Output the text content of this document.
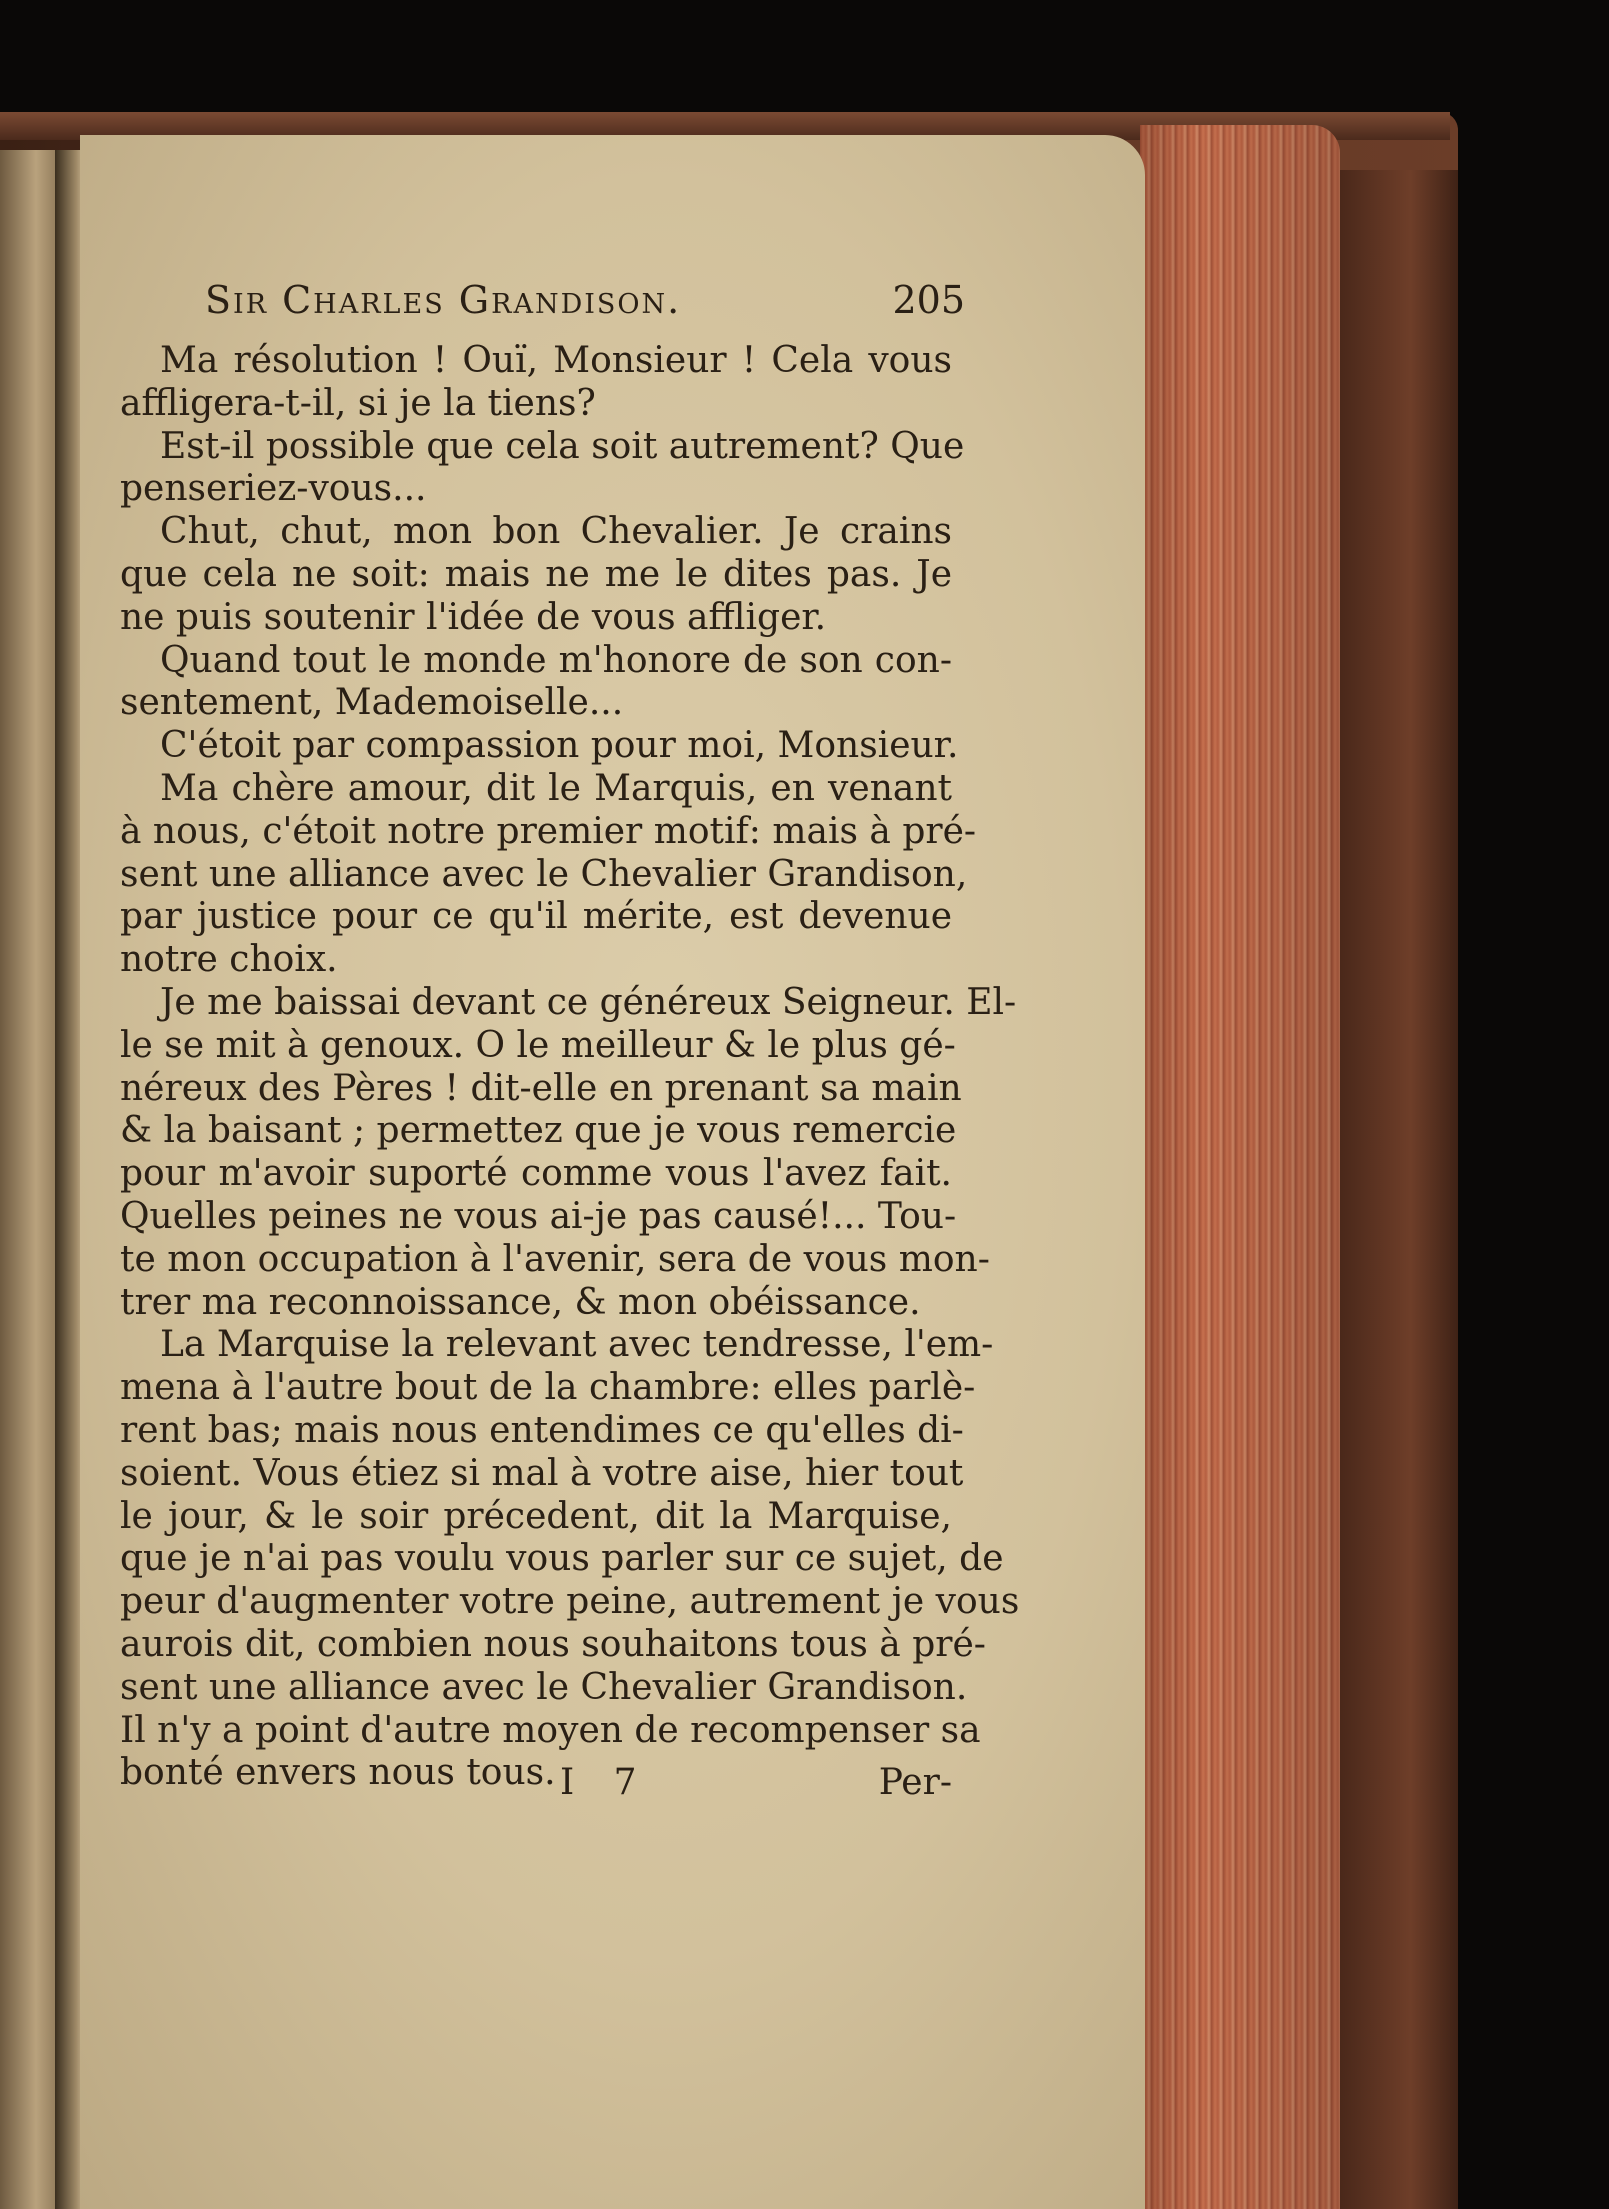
Sir Charles Grandison.	205
Ma résolution ! Ouï, Monsieur ! Cela vous
affligera-t-il, si je la tiens?
Est-il possible que cela soit autrement? Que
penseriez-vous...
Chut, chut, mon bon Chevalier. Je crains
que cela ne soit: mais ne me le dites pas. Je
ne puis soutenir l'idée de vous affliger.
Quand tout le monde m'honore de son con-
sentement, Mademoiselle...
C'étoit par compassion pour moi, Monsieur.
Ma chère amour, dit le Marquis, en venant
à nous, c'étoit notre premier motif: mais à pré-
sent une alliance avec le Chevalier Grandison,
par justice pour ce qu'il mérite, est devenue
notre choix.
Je me baissai devant ce généreux Seigneur. El-
le se mit à genoux. O le meilleur & le plus gé-
néreux des Pères ! dit-elle en prenant sa main
& la baisant ; permettez que je vous remercie
pour m'avoir suporté comme vous l'avez fait.
Quelles peines ne vous ai-je pas causé!... Tou-
te mon occupation à l'avenir, sera de vous mon-
trer ma reconnoissance, & mon obéissance.
La Marquise la relevant avec tendresse, l'em-
mena à l'autre bout de la chambre: elles parlè-
rent bas; mais nous entendimes ce qu'elles di-
soient. Vous étiez si mal à votre aise, hier tout
le jour, & le soir précedent, dit la Marquise,
que je n'ai pas voulu vous parler sur ce sujet, de
peur d'augmenter votre peine, autrement je vous
aurois dit, combien nous souhaitons tous à pré-
sent une alliance avec le Chevalier Grandison.
Il n'y a point d'autre moyen de recompenser sa
bonté envers nous tous. I 7	Per-
